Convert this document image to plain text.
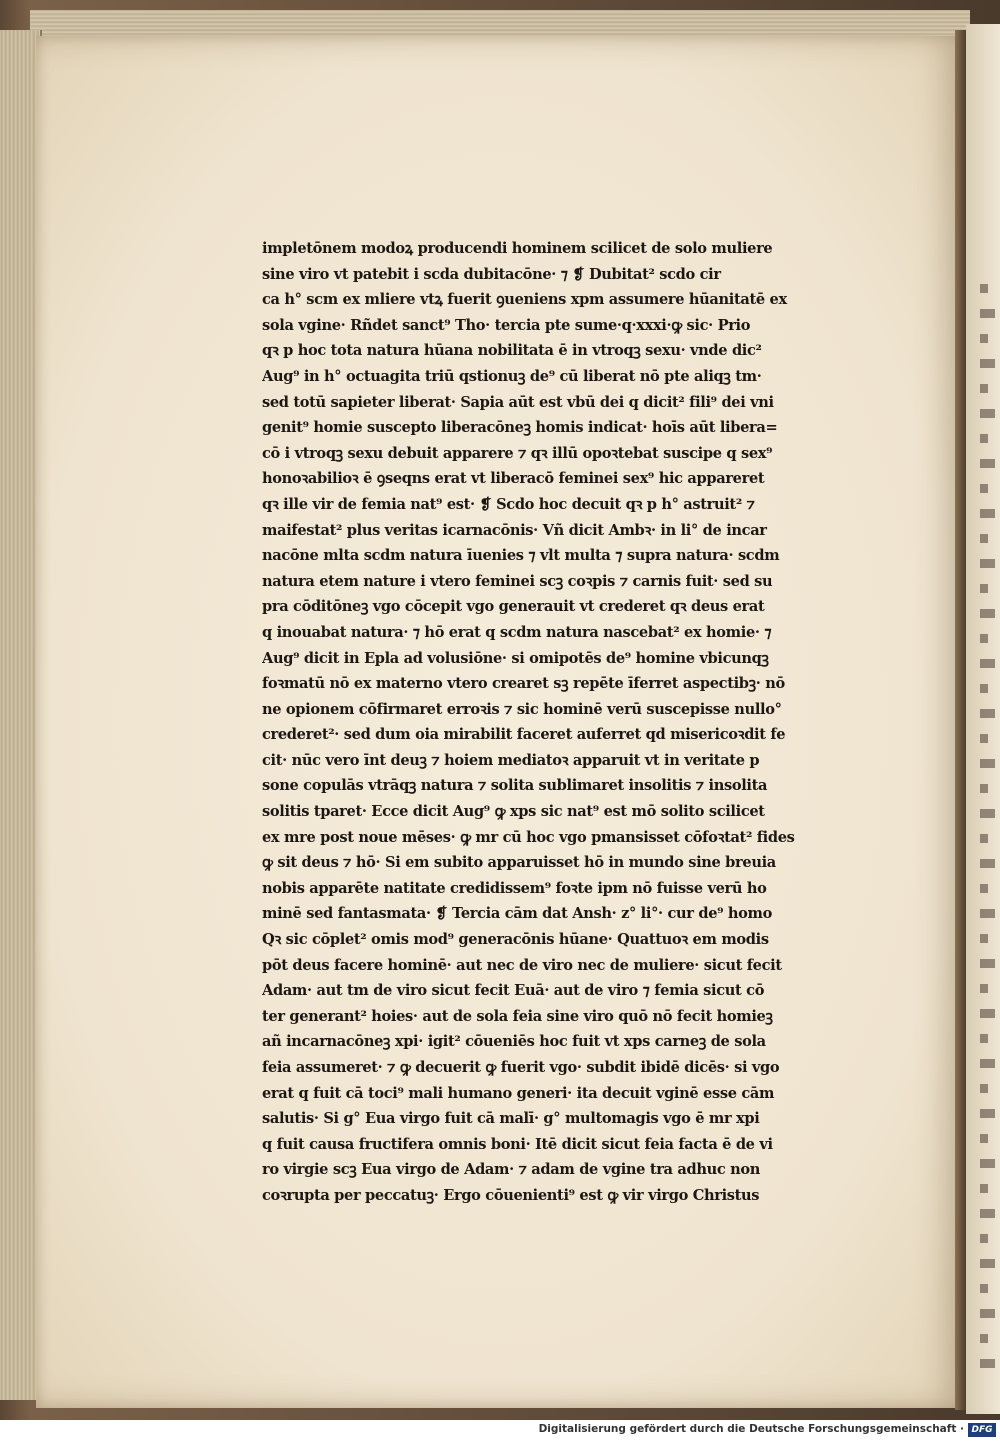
impletōnem modoꝝ producendi hominem scilicet de solo muliere
sine viro vt patebit i scda dubitacōne· ⁊ ❡ Dubitat² scdo cir
ca h° scm ex mliere vtꝝ fuerit ꝯueniens xpm assumere hūanitatē ex
sola vgine· Rñdet sanct⁹ Tho· tercia pte sume·q·xxxi·ꝙ sic· Prio
qꝛ p hoc tota natura hūana nobilitata ē in vtroqꝫ sexu· vnde dic²
Aug⁹ in h° octuagita triū qstionuꝫ de⁹ cū liberat nō pte aliqꝫ tm·
sed totū sapieter liberat· Sapia aūt est vbū dei q dicit² fili⁹ dei vni
genit⁹ homie suscepto liberacōneꝫ homis indicat· hoīs aūt libera=
cō i vtroqꝫ sexu debuit apparere ⁊ qꝛ illū opoꝛtebat suscipe q sex⁹
honoꝛabilioꝛ ē ꝯseqns erat vt liberacō feminei sex⁹ hic appareret
qꝛ ille vir de femia nat⁹ est· ❡ Scdo hoc decuit qꝛ p h° astruit² ⁊
maifestat² plus veritas icarnacōnis· Vñ dicit Ambꝛ· in li° de incar
nacōne mlta scdm natura īuenies ⁊ vlt multa ⁊ supra natura· scdm
natura etem nature i vtero feminei scꝫ coꝛpis ⁊ carnis fuit· sed su
pra cōditōneꝫ vgo cōcepit vgo generauit vt crederet qꝛ deus erat
q inouabat natura· ⁊ hō erat q scdm natura nascebat² ex homie· ⁊
Aug⁹ dicit in Epla ad volusiōne· si omipotēs de⁹ homine vbicunqꝫ
foꝛmatū nō ex materno vtero crearet sꝫ repēte īferret aspectibꝫ· nō
ne opionem cōfirmaret erroꝛis ⁊ sic hominē verū suscepisse nullo°
crederet²· sed dum oia mirabilit faceret auferret qd misericoꝛdit fe
cit· nūc vero īnt deuꝫ ⁊ hoiem mediatoꝛ apparuit vt in veritate p
sone copulās vtrāqꝫ natura ⁊ solita sublimaret insolitis ⁊ insolita
solitis tparet· Ecce dicit Aug⁹ ꝙ xps sic nat⁹ est mō solito scilicet
ex mre post noue mēses· ꝙ mr cū hoc vgo pmansisset cōfoꝛtat² fides
ꝙ sit deus ⁊ hō· Si em subito apparuisset hō in mundo sine breuia
nobis apparēte natitate credidissem⁹ foꝛte ipm nō fuisse verū ho
minē sed fantasmata· ❡ Tercia cām dat Ansh· z° li°· cur de⁹ homo
Qꝛ sic cōplet² omis mod⁹ generacōnis hūane· Quattuoꝛ em modis
pōt deus facere hominē· aut nec de viro nec de muliere· sicut fecit
Adam· aut tm de viro sicut fecit Euā· aut de viro ⁊ femia sicut cō
ter generant² hoies· aut de sola feia sine viro quō nō fecit homieꝫ
añ incarnacōneꝫ xpi· igit² cōueniēs hoc fuit vt xps carneꝫ de sola
feia assumeret· ⁊ ꝙ decuerit ꝙ fuerit vgo· subdit ibidē dicēs· si vgo
erat q fuit cā toci⁹ mali humano generi· ita decuit vginē esse cām
salutis· Si g° Eua virgo fuit cā malī· g° multomagis vgo ē mr xpi
q fuit causa fructifera omnis boni· Itē dicit sicut feia facta ē de vi
ro virgie scꝫ Eua virgo de Adam· ⁊ adam de vgine tra adhuc non
coꝛrupta per peccatuꝫ· Ergo cōuenienti⁹ est ꝙ vir virgo Christus
Digitalisierung gefördert durch die Deutsche Forschungsgemeinschaft · DFG
